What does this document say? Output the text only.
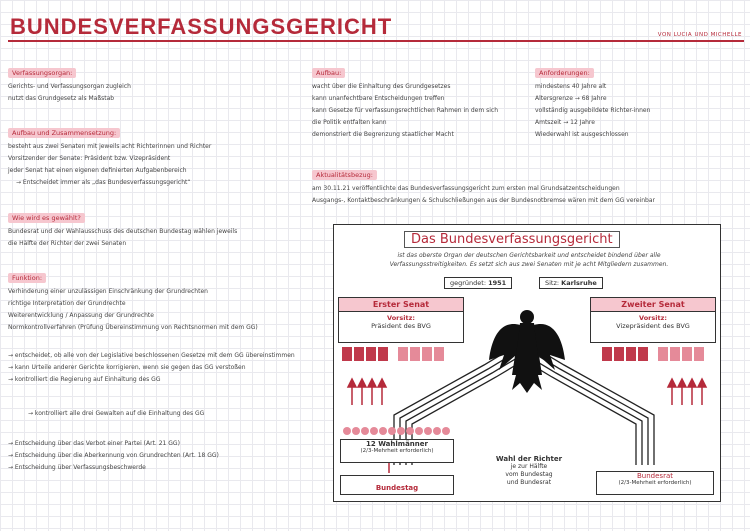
BUNDESVERFASSUNGSGERICHT	VON LUCIA UND MICHELLE
Verfassungsorgan:
Gerichts- und Verfassungsorgan zugleich
nutzt das Grundgesetz als Maßstab
Aufbau und Zusammensetzung:
besteht aus zwei Senaten mit jeweils acht Richterinnen und Richter
Vorsitzender der Senate: Präsident bzw. Vizepräsident
jeder Senat hat einen eigenen definierten Aufgabenbereich
→ Entscheidet immer als „das Bundesverfassungsgericht“
Wie wird es gewählt?
Bundesrat und der Wahlausschuss des deutschen Bundestag wählen jeweils
die Hälfte der Richter der zwei Senaten
Funktion:
Verhinderung einer unzulässigen Einschränkung der Grundrechten
richtige Interpretation der Grundrechte
Weiterentwicklung / Anpassung der Grundrechte
Normkontrollverfahren (Prüfung Übereinstimmung von Rechtsnormen mit dem GG)
→ entscheidet, ob alle von der Legislative beschlossenen Gesetze mit dem GG übereinstimmen
→ kann Urteile anderer Gerichte korrigieren, wenn sie gegen das GG verstoßen
→ kontrolliert die Regierung auf Einhaltung des GG
→ kontrolliert alle drei Gewalten auf die Einhaltung des GG
→ Entscheidung über das Verbot einer Partei (Art. 21 GG)
→ Entscheidung über die Aberkennung von Grundrechten (Art. 18 GG)
→ Entscheidung über Verfassungsbeschwerde
Aufbau:
wacht über die Einhaltung des Grundgesetzes
kann unanfechtbare Entscheidungen treffen
kann Gesetze für verfassungsrechtlichen Rahmen in dem sich
die Politik entfalten kann
demonstriert die Begrenzung staatlicher Macht
Aktualitätsbezug:
am 30.11.21 veröffentlichte das Bundesverfassungsgericht zum ersten mal Grundsatzentscheidungen
Ausgangs-, Kontaktbeschränkungen & Schulschließungen aus der Bundesnotbremse wären mit dem GG vereinbar
Anforderungen:
mindestens 40 Jahre alt
Altersgrenze → 68 Jahre
vollständig ausgebildete Richter-innen
Amtszeit → 12 Jahre
Wiederwahl ist ausgeschlossen
Das Bundesverfassungsgericht
ist das oberste Organ der deutschen Gerichtsbarkeit und entscheidet bindend über alle
Verfassungsstreitigkeiten. Es setzt sich aus zwei Senaten mit je acht Mitgliedern zusammen.
gegründet: 1951	Sitz: Karlsruhe
Erster Senat
Vorsitz:
Präsident des BVG
Zweiter Senat
Vorsitz:
Vizepräsident des BVG
12 Wahlmänner
(2/3-Mehrheit erforderlich)
Bundestag
Bundesrat
(2/3-Mehrheit erforderlich)
Wahl der Richter
je zur Hälfte
vom Bundestag
und Bundesrat
